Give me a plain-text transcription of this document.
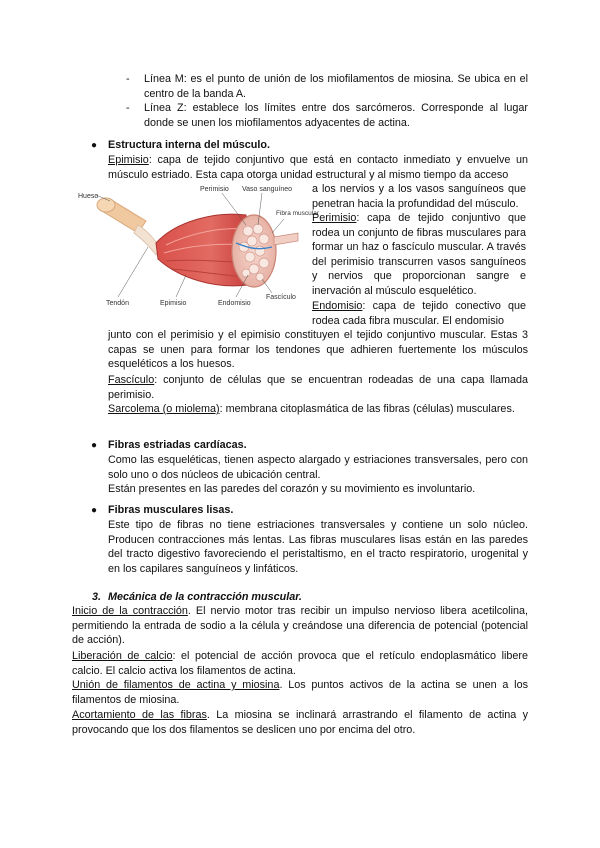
- Línea M: es el punto de unión de los miofilamentos de miosina. Se ubica en el centro de la banda A.

- Línea Z: establece los límites entre dos sarcómeros. Corresponde al lugar donde se unen los miofilamentos adyacentes de actina.

● Estructura interna del músculo.

Epimisio: capa de tejido conjuntivo que está en contacto inmediato y envuelve un músculo estriado. Esta capa otorga unidad estructural y al mismo tiempo da acceso

Hueso
Perimisio Vaso sanguíneo
Fibra muscular
Tendón	Epimisio	Endomisio
Fascículo

a los nervios y a los vasos sanguíneos que penetran hacia la profundidad del músculo.

Perimisio: capa de tejido conjuntivo que rodea un conjunto de fibras musculares para formar un haz o fascículo muscular. A través del perimisio transcurren vasos sanguíneos y nervios que proporcionan sangre e inervación al músculo esquelético.

Endomisio: capa de tejido conectivo que rodea cada fibra muscular. El endomisio

junto con el perimisio y el epimisio constituyen el tejido conjuntivo muscular. Estas 3 capas se unen para formar los tendones que adhieren fuertemente los músculos esqueléticos a los huesos.

Fascículo: conjunto de células que se encuentran rodeadas de una capa llamada perimisio.

Sarcolema (o miolema): membrana citoplasmática de las fibras (células) musculares.

● Fibras estriadas cardíacas.

Como las esqueléticas, tienen aspecto alargado y estriaciones transversales, pero con solo uno o dos núcleos de ubicación central.

Están presentes en las paredes del corazón y su movimiento es involuntario.

● Fibras musculares lisas.

Este tipo de fibras no tiene estriaciones transversales y contiene un solo núcleo. Producen contracciones más lentas. Las fibras musculares lisas están en las paredes del tracto digestivo favoreciendo el peristaltismo, en el tracto respiratorio, urogenital y en los capilares sanguíneos y linfáticos.

3. Mecánica de la contracción muscular.

Inicio de la contracción. El nervio motor tras recibir un impulso nervioso libera acetilcolina, permitiendo la entrada de sodio a la célula y creándose una diferencia de potencial (potencial de acción).

Liberación de calcio: el potencial de acción provoca que el retículo endoplasmático libere calcio. El calcio activa los filamentos de actina.

Unión de filamentos de actina y miosina. Los puntos activos de la actina se unen a los filamentos de miosina.

Acortamiento de las fibras. La miosina se inclinará arrastrando el filamento de actina y provocando que los dos filamentos se deslicen uno por encima del otro.
